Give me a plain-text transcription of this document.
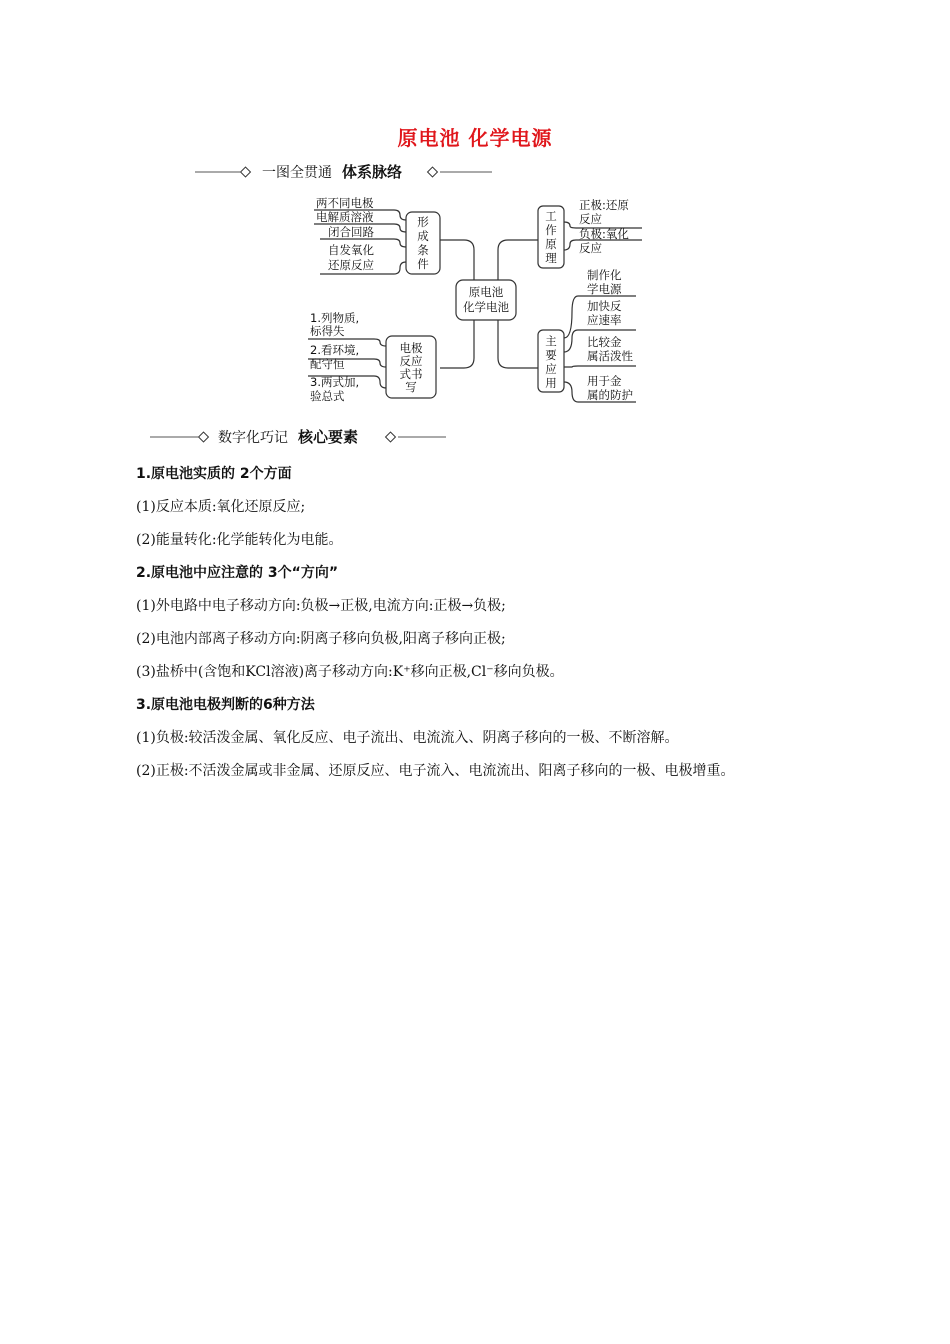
原电池 化学电源
一图全贯通 体系脉络
原电池
化学电池
形
成
条
件
两不同电极
电解质溶液
闭合回路
自发氧化
还原反应
电极
反应
式书
写
1.列物质,
标得失
2.看环境,
配守恒
3.两式加,
验总式
工
作
原
理
正极:还原
反应
负极:氧化
反应
主
要
应
用
制作化
学电源
加快反
应速率
比较金
属活泼性
用于金
属的防护
数字化巧记 核心要素

1.原电池实质的 2个方面

(1)反应本质:氧化还原反应;

(2)能量转化:化学能转化为电能。

2.原电池中应注意的 3个“方向”

(1)外电路中电子移动方向:负极→正极,电流方向:正极→负极;

(2)电池内部离子移动方向:阴离子移向负极,阳离子移向正极;

(3)盐桥中(含饱和KCl溶液)离子移动方向:K⁺移向正极,Cl⁻移向负极。

3.原电池电极判断的6种方法

(1)负极:较活泼金属、氧化反应、电子流出、电流流入、阴离子移向的一极、不断溶解。

(2)正极:不活泼金属或非金属、还原反应、电子流入、电流流出、阳离子移向的一极、电极增重。
